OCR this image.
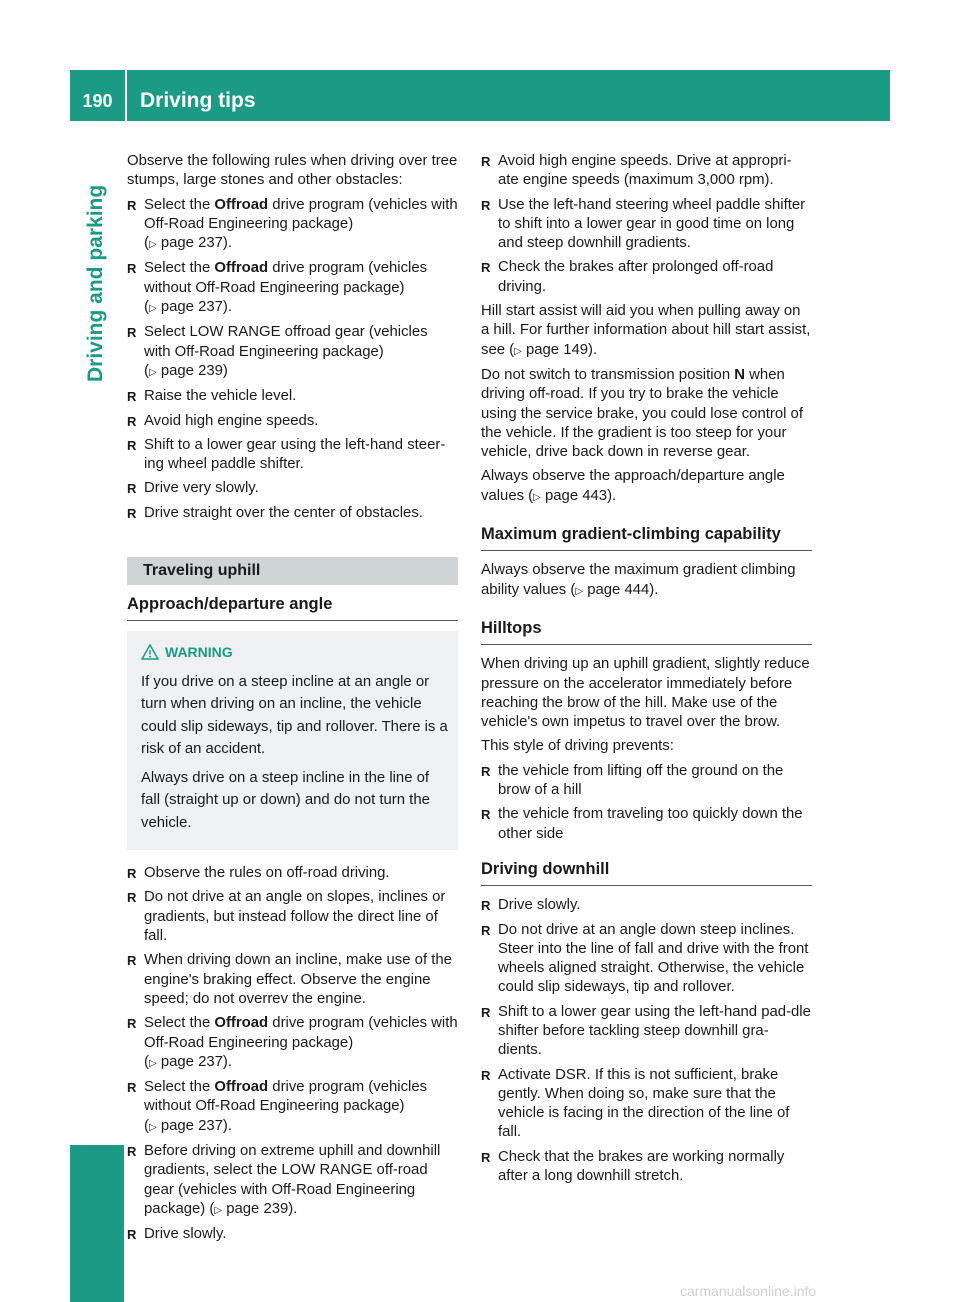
190	Driving tips
Driving and parking

Observe the following rules when driving over tree stumps, large stones and other obstacles:

R Select the Offroad drive program (vehicles with Off-Road Engineering package)
(▷ page 237).
R Select the Offroad drive program (vehicles without Off-Road Engineering package)
(▷ page 237).
R Select LOW RANGE offroad gear (vehicles with Off-Road Engineering package)
(▷ page 239)
R Raise the vehicle level.
R Avoid high engine speeds.
R Shift to a lower gear using the left-hand steer-ing wheel paddle shifter.
R Drive very slowly.
R Drive straight over the center of obstacles.
Traveling uphill
Approach/departure angle
WARNING

If you drive on a steep incline at an angle or turn when driving on an incline, the vehicle could slip sideways, tip and rollover. There is a risk of an accident.

Always drive on a steep incline in the line of fall (straight up or down) and do not turn the vehicle.

R Observe the rules on off-road driving.
R Do not drive at an angle on slopes, inclines or gradients, but instead follow the direct line of fall.
R When driving down an incline, make use of the engine's braking effect. Observe the engine speed; do not overrev the engine.
R Select the Offroad drive program (vehicles with Off-Road Engineering package)
(▷ page 237).
R Select the Offroad drive program (vehicles without Off-Road Engineering package)
(▷ page 237).
R Before driving on extreme uphill and downhill gradients, select the LOW RANGE off-road gear (vehicles with Off-Road Engineering package) (▷ page 239).
R Drive slowly.
R Avoid high engine speeds. Drive at appropri-ate engine speeds (maximum 3,000 rpm).
R Use the left-hand steering wheel paddle shifter to shift into a lower gear in good time on long and steep downhill gradients.
R Check the brakes after prolonged off-road driving.

Hill start assist will aid you when pulling away on a hill. For further information about hill start assist, see (▷ page 149).

Do not switch to transmission position N when driving off-road. If you try to brake the vehicle using the service brake, you could lose control of the vehicle. If the gradient is too steep for your vehicle, drive back down in reverse gear.

Always observe the approach/departure angle values (▷ page 443).

Maximum gradient-climbing capability

Always observe the maximum gradient climbing ability values (▷ page 444).

Hilltops

When driving up an uphill gradient, slightly reduce pressure on the accelerator immediately before reaching the brow of the hill. Make use of the vehicle's own impetus to travel over the brow.

This style of driving prevents:

R the vehicle from lifting off the ground on the brow of a hill
R the vehicle from traveling too quickly down the other side
Driving downhill
R Drive slowly.
R Do not drive at an angle down steep inclines. Steer into the line of fall and drive with the front wheels aligned straight. Otherwise, the vehicle could slip sideways, tip and rollover.
R Shift to a lower gear using the left-hand pad-dle shifter before tackling steep downhill gra-dients.
R Activate DSR. If this is not sufficient, brake gently. When doing so, make sure that the vehicle is facing in the direction of the line of fall.
R Check that the brakes are working normally after a long downhill stretch.
carmanualsonline.info
